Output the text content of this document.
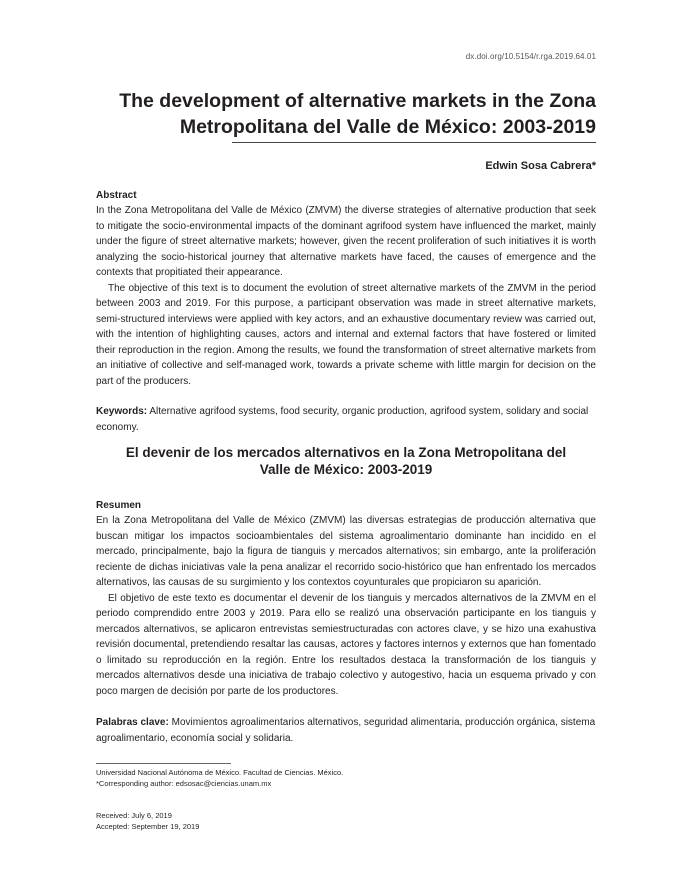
dx.doi.org/10.5154/r.rga.2019.64.01
The development of alternative markets in the Zona
Metropolitana del Valle de México: 2003-2019
Edwin Sosa Cabrera*

Abstract

In the Zona Metropolitana del Valle de México (ZMVM) the diverse strategies of alternative production that seek to mitigate the socio-environmental impacts of the dominant agrifood system have influenced the market, mainly under the figure of street alternative markets; however, given the recent proliferation of such initiatives it is worth analyzing the socio-historical journey that alternative markets have faced, the causes of emergence and the contexts that propitiated their appearance.

The objective of this text is to document the evolution of street alternative markets of the ZMVM in the period between 2003 and 2019. For this purpose, a participant observation was made in street alternative markets, semi-structured interviews were applied with key actors, and an exhaustive documentary review was carried out, with the intention of highlighting causes, actors and internal and external factors that have fostered or limited their reproduction in the region. Among the results, we found the transformation of street alternative markets from an initiative of collective and self-managed work, towards a private scheme with little margin for decision on the part of the producers.

Keywords: Alternative agrifood systems, food security, organic production, agrifood system, solidary and social economy.

El devenir de los mercados alternativos en la Zona Metropolitana del
Valle de México: 2003-2019

Resumen

En la Zona Metropolitana del Valle de México (ZMVM) las diversas estrategias de producción alternativa que buscan mitigar los impactos socioambientales del sistema agroalimentario dominante han incidido en el mercado, principalmente, bajo la figura de tianguis y mercados alternativos; sin embargo, ante la proliferación reciente de dichas iniciativas vale la pena analizar el recorrido socio-histórico que han enfrentado los mercados alternativos, las causas de su surgimiento y los contextos coyunturales que propiciaron su aparición.

El objetivo de este texto es documentar el devenir de los tianguis y mercados alternativos de la ZMVM en el periodo comprendido entre 2003 y 2019. Para ello se realizó una observación participante en los tianguis y mercados alternativos, se aplicaron entrevistas semiestructuradas con actores clave, y se hizo una exahustiva revisión documental, pretendiendo resaltar las causas, actores y factores internos y externos que han fomentado o limitado su reproducción en la región. Entre los resultados destaca la transformación de los tianguis y mercados alternativos desde una iniciativa de trabajo colectivo y autogestivo, hacia un esquema privado y con poco margen de decisión por parte de los productores.

Palabras clave: Movimientos agroalimentarios alternativos, seguridad alimentaria, producción orgánica, sistema agroalimentario, economía social y solidaria.

Universidad Nacional Autónoma de México. Facultad de Ciencias. México.
*Corresponding author: edsosac@ciencias.unam.mx
Received: July 6, 2019
Accepted: September 19, 2019
